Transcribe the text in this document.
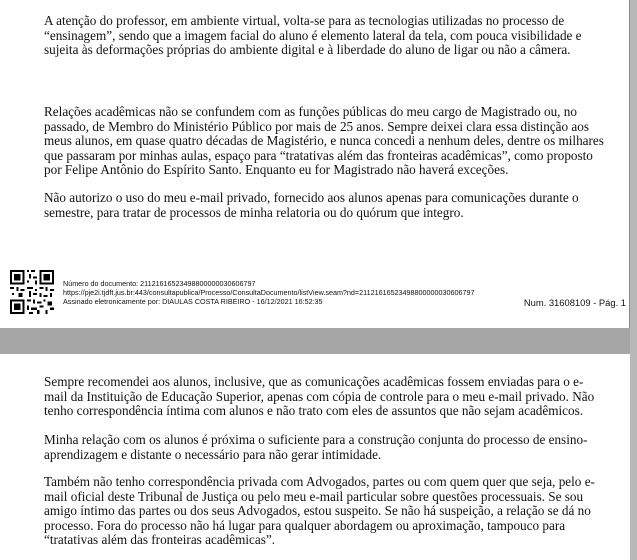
A atenção do professor, em ambiente virtual, volta-se para as tecnologias utilizadas no processo de “ensinagem”, sendo que a imagem facial do aluno é elemento lateral da tela, com pouca visibilidade e sujeita às deformações próprias do ambiente digital e à liberdade do aluno de ligar ou não a câmera.

Relações acadêmicas não se confundem com as funções públicas do meu cargo de Magistrado ou, no passado, de Membro do Ministério Público por mais de 25 anos. Sempre deixei clara essa distinção aos meus alunos, em quase quatro décadas de Magistério, e nunca concedi a nenhum deles, dentre os milhares que passaram por minhas aulas, espaço para “tratativas além das fronteiras acadêmicas”, como proposto por Felipe Antônio do Espírito Santo. Enquanto eu for Magistrado não haverá exceções.

Não autorizo o uso do meu e-mail privado, fornecido aos alunos apenas para comunicações durante o semestre, para tratar de processos de minha relatoria ou do quórum que integro.

Número do documento: 21121616523498800000030606797
https://pje2i.tjdft.jus.br:443/consultapublica/Processo/ConsultaDocumento/listView.seam?nd=21121616523498800000030606797
Assinado eletronicamente por: DIAULAS COSTA RIBEIRO - 16/12/2021 16:52:35	Num. 31608109 - Pág. 1

Sempre recomendei aos alunos, inclusive, que as comunicações acadêmicas fossem enviadas para o e-mail da Instituição de Educação Superior, apenas com cópia de controle para o meu e-mail privado. Não tenho correspondência íntima com alunos e não trato com eles de assuntos que não sejam acadêmicos.

Minha relação com os alunos é próxima o suficiente para a construção conjunta do processo de ensino-aprendizagem e distante o necessário para não gerar intimidade.

Também não tenho correspondência privada com Advogados, partes ou com quem quer que seja, pelo e-mail oficial deste Tribunal de Justiça ou pelo meu e-mail particular sobre questões processuais. Se sou amigo íntimo das partes ou dos seus Advogados, estou suspeito. Se não há suspeição, a relação se dá no processo. Fora do processo não há lugar para qualquer abordagem ou aproximação, tampouco para “tratativas além das fronteiras acadêmicas”.
